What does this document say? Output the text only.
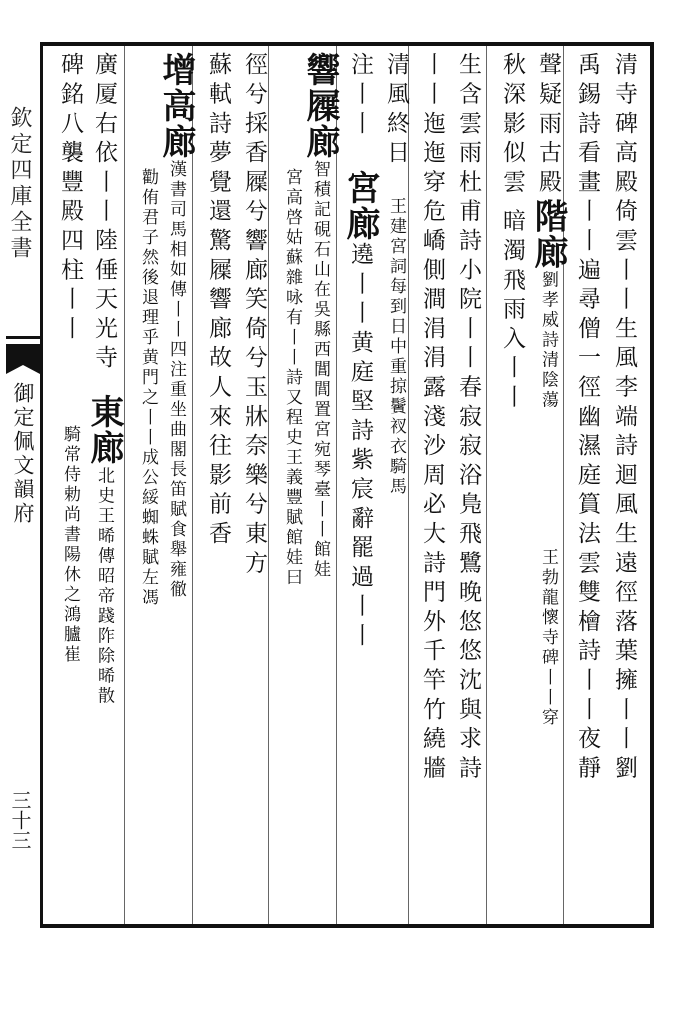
欽定四庫全書
御定佩文韻府
三十三
清寺碑高殿倚雲丨丨生風李端詩迴風生遠徑落葉擁丨丨劉
禹錫詩看畫丨丨遍尋僧一徑幽濕庭篔法雲雙檜詩丨丨夜靜
聲疑雨古殿階廊劉孝威詩清陰蕩
秋深影似雲暗濁飛雨入丨丨
王勃龍懷寺碑丨丨穿
生含雲雨杜甫詩小院丨丨春寂寂浴鳬飛鷺晚悠悠沈與求詩
丨丨迤迤穿危嶠側澗涓涓露淺沙周必大詩門外千竿竹繞牆
清風終日王建宮詞每到日中重掠鬢衩衣騎馬
注丨丨宮廊遶丨丨黄庭堅詩紫宸辭罷過丨丨
響屧廊智積記硯石山在吳縣西閶閭置宮宛琴臺丨丨館娃
宮高啓姑蘇雜咏有丨丨詩又程史王義豐賦館娃曰
徑兮採香屧兮響廊笑倚兮玉牀奈樂兮東方
蘇軾詩夢覺還驚屧響廊故人來往影前香
增高廊漢書司馬相如傳丨丨四注重坐曲閣長笛賦食舉雍徹
勸侑君子然後退理乎黄門之丨丨成公綏蜘蛛賦左馮
廣厦右依丨丨陸倕天光寺東廊北史王晞傳昭帝踐阼除晞散
碑銘八襲豐殿四柱丨丨騎常侍勅尚書陽休之鴻臚崔
